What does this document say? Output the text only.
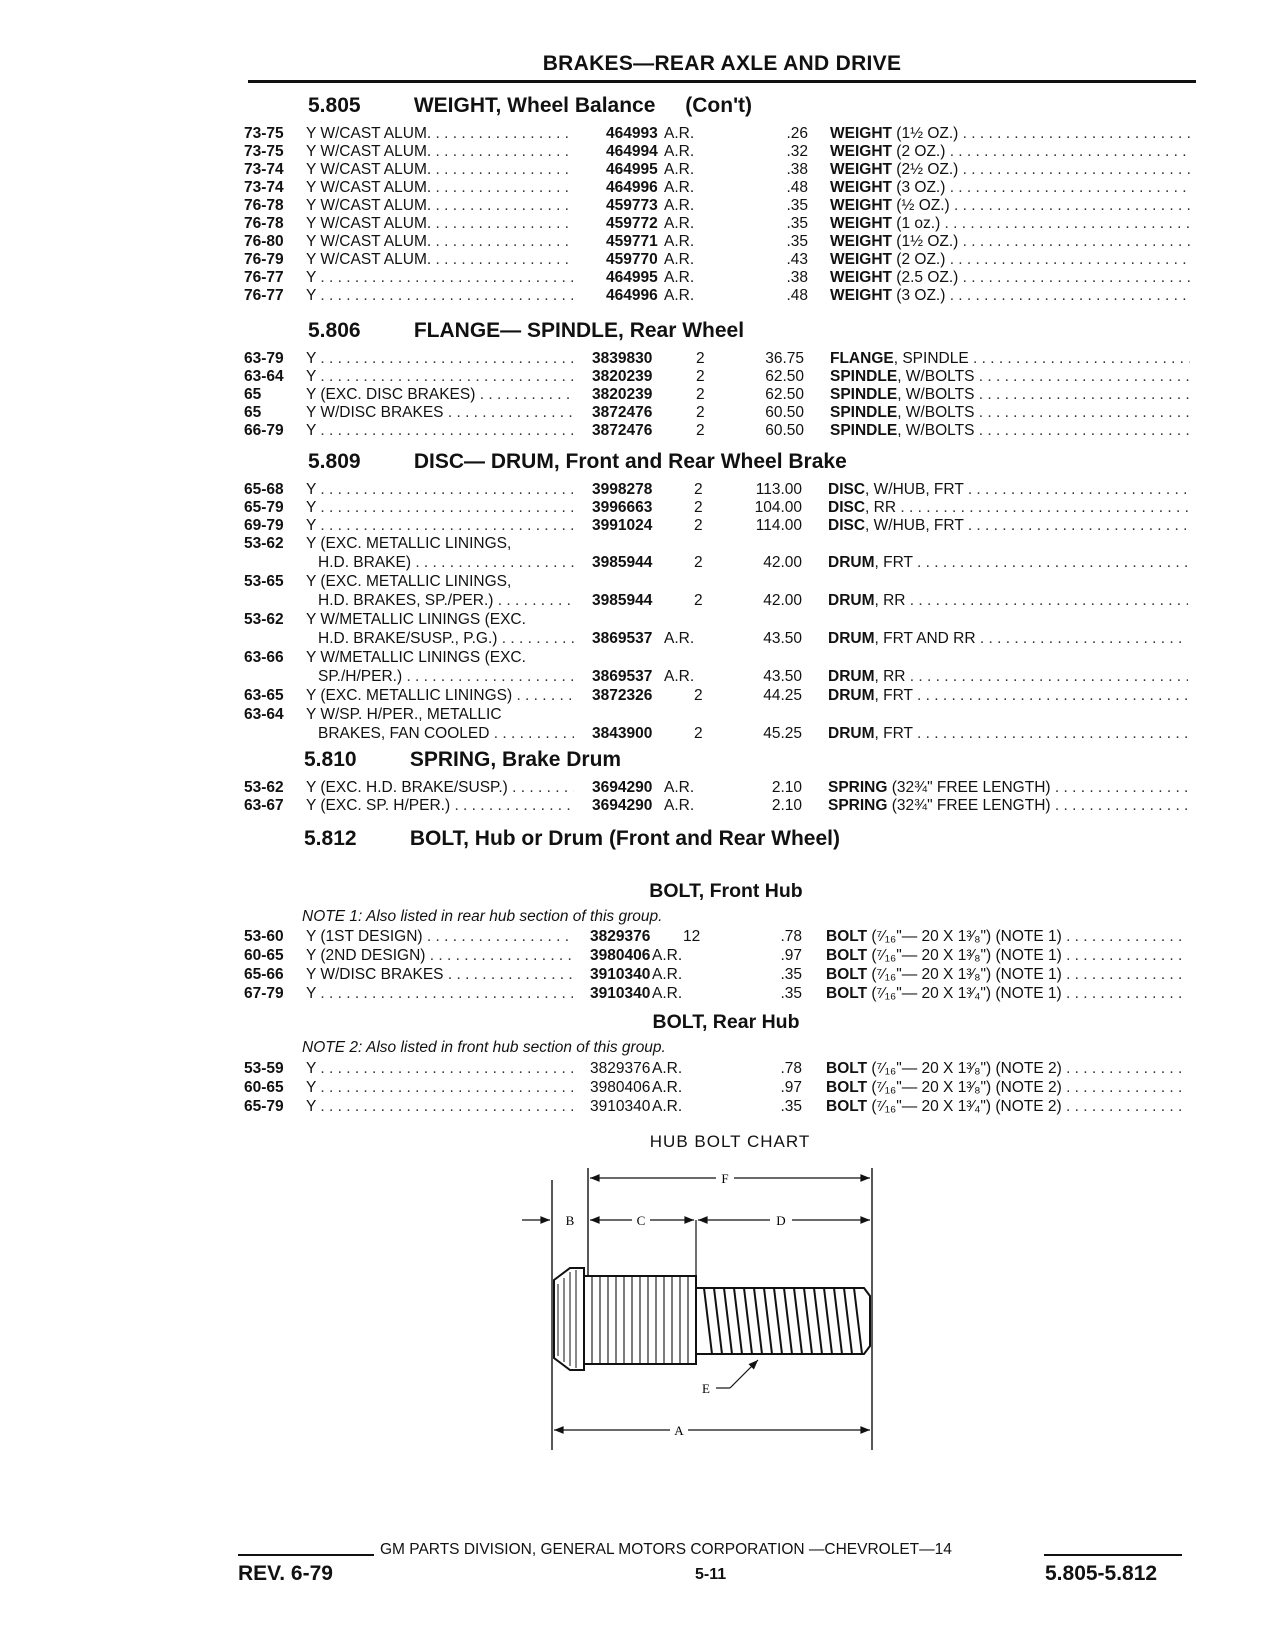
BRAKES—REAR AXLE AND DRIVE
5.805	WEIGHT, Wheel Balance (Con't)
5.806	FLANGE— SPINDLE, Rear Wheel
5.809	DISC— DRUM, Front and Rear Wheel Brake
5.810	SPRING, Brake Drum
5.812	BOLT, Hub or Drum (Front and Rear Wheel)
73-75 Y W/CAST ALUM. . . .	464993 A.R.	.26 WEIGHT (1½ OZ.) . . .
73-75 Y W/CAST ALUM. . . .	464994 A.R.	.32 WEIGHT (2 OZ.) . . .
73-74 Y W/CAST ALUM. . . .	464995 A.R.	.38 WEIGHT (2½ OZ.) . . .
73-74 Y W/CAST ALUM. . . .	464996 A.R.	.48 WEIGHT (3 OZ.) . . .
76-78 Y W/CAST ALUM. . . .	459773 A.R.	.35 WEIGHT (½ OZ.) . . .
76-78 Y W/CAST ALUM. . . .	459772 A.R.	.35 WEIGHT (1 oz.) . . .
76-80 Y W/CAST ALUM. . . .	459771 A.R.	.35 WEIGHT (1½ OZ.) . . .
76-79 Y W/CAST ALUM. . . .	459770 A.R.	.43 WEIGHT (2 OZ.) . . .
76-77 Y . . .	464995 A.R.	.38 WEIGHT (2.5 OZ.) . . .
76-77 Y . . .	464996 A.R.	.48 WEIGHT (3 OZ.) . . .
63-79 Y . . .	3839830	2	36.75 FLANGE, SPINDLE . . .
63-64 Y . . .	3820239	2	62.50 SPINDLE, W/BOLTS . . .
65	Y (EXC. DISC BRAKES) . . .	3820239	2	62.50 SPINDLE, W/BOLTS . . .
65	Y W/DISC BRAKES . . .	3872476	2	60.50 SPINDLE, W/BOLTS . . .
66-79 Y . . .	3872476	2	60.50 SPINDLE, W/BOLTS . . .
65-68 Y . . .	3998278	2	113.00 DISC, W/HUB, FRT . . .
65-79 Y . . .	3996663	2	104.00 DISC, RR . . .
69-79 Y . . .	3991024	2	114.00 DISC, W/HUB, FRT . . .
53-62 Y (EXC. METALLIC LININGS,
H.D. BRAKE) . . .	3985944	2	42.00 DRUM, FRT . . .
53-65 Y (EXC. METALLIC LININGS,
H.D. BRAKES, SP./PER.) . . .	3985944	2	42.00 DRUM, RR . . .
53-62 Y W/METALLIC LININGS (EXC.
H.D. BRAKE/SUSP., P.G.) . . .	3869537 A.R.	43.50 DRUM, FRT AND RR . . .
63-66 Y W/METALLIC LININGS (EXC.
SP./H/PER.) . . .	3869537 A.R.	43.50 DRUM, RR . . .
63-65 Y (EXC. METALLIC LININGS) . . .	3872326	2	44.25 DRUM, FRT . . .
63-64 Y W/SP. H/PER., METALLIC
BRAKES, FAN COOLED . . .	3843900	2	45.25 DRUM, FRT . . .
53-62 Y (EXC. H.D. BRAKE/SUSP.) . . .	3694290 A.R.	2.10 SPRING (32¾" FREE LENGTH) . . .
63-67 Y (EXC. SP. H/PER.) . . .	3694290 A.R.	2.10 SPRING (32¾" FREE LENGTH) . . .
BOLT, Front Hub
NOTE 1: Also listed in rear hub section of this group.
53-60 Y (1ST DESIGN) . . .	3829376 12	.78 BOLT (⁷⁄₁₆"— 20 X 1³⁄₈") (NOTE 1) . . .
60-65 Y (2ND DESIGN) . . .	3980406 A.R.	.97 BOLT (⁷⁄₁₆"— 20 X 1³⁄₈") (NOTE 1) . . .
65-66 Y W/DISC BRAKES . . .	3910340 A.R.	.35 BOLT (⁷⁄₁₆"— 20 X 1³⁄₈") (NOTE 1) . . .
67-79 Y . . .	3910340 A.R.	.35 BOLT (⁷⁄₁₆"— 20 X 1³⁄₄") (NOTE 1) . . .
BOLT, Rear Hub
NOTE 2: Also listed in front hub section of this group.
53-59 Y . . .	3829376 A.R.	.78 BOLT (⁷⁄₁₆"— 20 X 1³⁄₈") (NOTE 2) . . .
60-65 Y . . .	3980406 A.R.	.97 BOLT (⁷⁄₁₆"— 20 X 1³⁄₈") (NOTE 2) . . .
65-79 Y . . .	3910340 A.R.	.35 BOLT (⁷⁄₁₆"— 20 X 1³⁄₄") (NOTE 2) . . .
HUB BOLT CHART
F
B	C	D
E
A
GM PARTS DIVISION, GENERAL MOTORS CORPORATION —CHEVROLET—14
REV. 6-79	5-11	5.805-5.812
